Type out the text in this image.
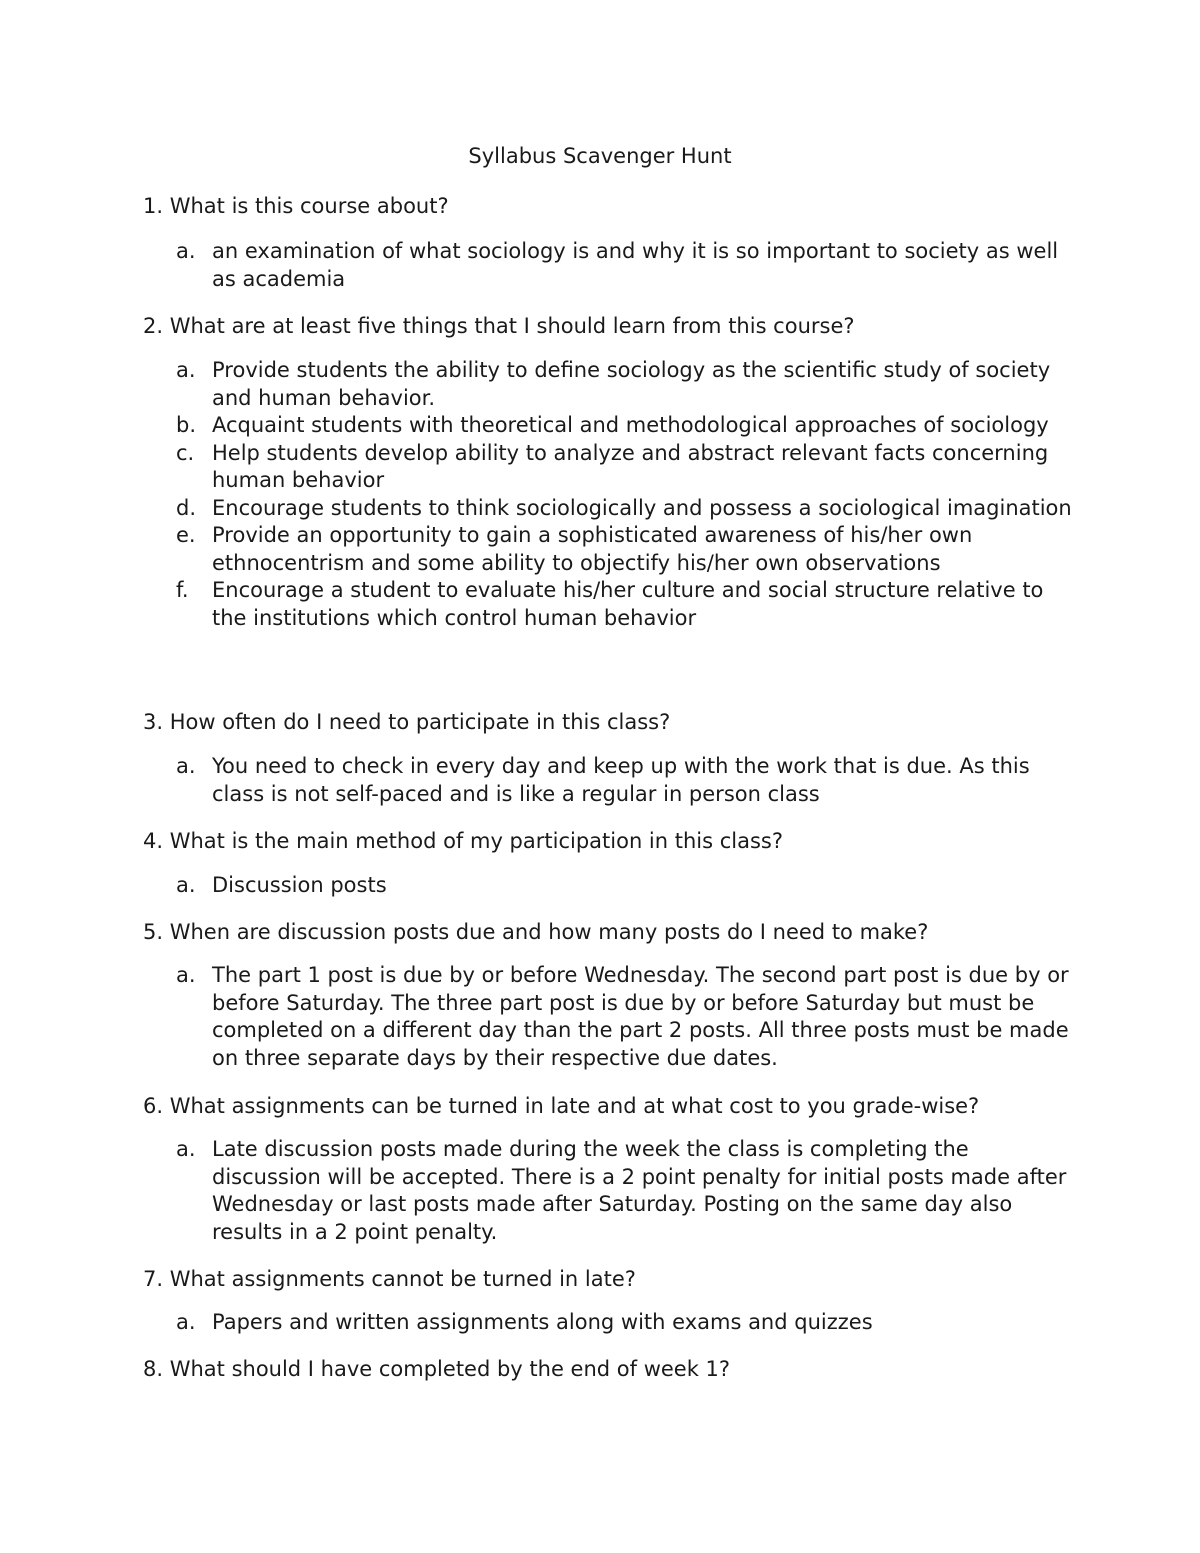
Syllabus Scavenger Hunt
1. What is this course about?
a. an examination of what sociology is and why it is so important to society as well as academia
2. What are at least five things that I should learn from this course?
a. Provide students the ability to define sociology as the scientific study of society and human behavior.
b. Acquaint students with theoretical and methodological approaches of sociology
c. Help students develop ability to analyze and abstract relevant facts concerning human behavior
d. Encourage students to think sociologically and possess a sociological imagination
e. Provide an opportunity to gain a sophisticated awareness of his/her own ethnocentrism and some ability to objectify his/her own observations
f. Encourage a student to evaluate his/her culture and social structure relative to the institutions which control human behavior
3. How often do I need to participate in this class?
a. You need to check in every day and keep up with the work that is due. As this class is not self-paced and is like a regular in person class
4. What is the main method of my participation in this class?
a. Discussion posts
5. When are discussion posts due and how many posts do I need to make?
a. The part 1 post is due by or before Wednesday. The second part post is due by or before Saturday. The three part post is due by or before Saturday but must be completed on a different day than the part 2 posts. All three posts must be made on three separate days by their respective due dates.
6. What assignments can be turned in late and at what cost to you grade-wise?
a. Late discussion posts made during the week the class is completing the discussion will be accepted. There is a 2 point penalty for initial posts made after Wednesday or last posts made after Saturday. Posting on the same day also results in a 2 point penalty.
7. What assignments cannot be turned in late?
a. Papers and written assignments along with exams and quizzes
8. What should I have completed by the end of week 1?
